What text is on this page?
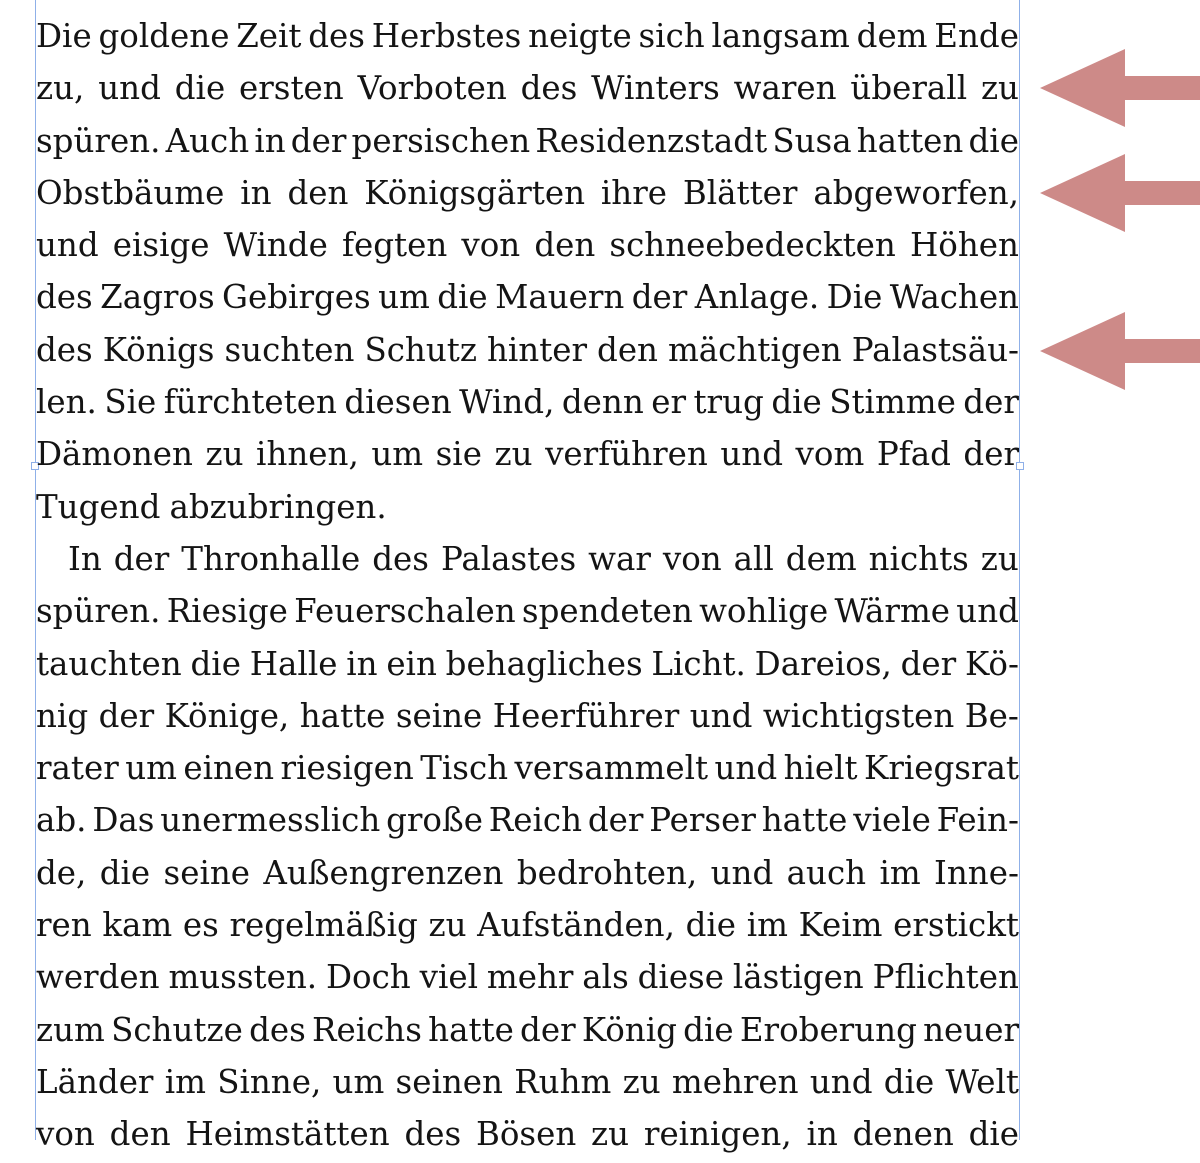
Die goldene Zeit des Herbstes neigte sich langsam dem Ende
zu, und die ersten Vorboten des Winters waren überall zu
spüren. Auch in der persischen Residenzstadt Susa hatten die
Obstbäume in den Königsgärten ihre Blätter abgeworfen,
und eisige Winde fegten von den schneebedeckten Höhen
des Zagros Gebirges um die Mauern der Anlage. Die Wachen
des Königs suchten Schutz hinter den mächtigen Palastsäu-
len. Sie fürchteten diesen Wind, denn er trug die Stimme der
Dämonen zu ihnen, um sie zu verführen und vom Pfad der
Tugend abzubringen.
In der Thronhalle des Palastes war von all dem nichts zu
spüren. Riesige Feuerschalen spendeten wohlige Wärme und
tauchten die Halle in ein behagliches Licht. Dareios, der Kö-
nig der Könige, hatte seine Heerführer und wichtigsten Be-
rater um einen riesigen Tisch versammelt und hielt Kriegsrat
ab. Das unermesslich große Reich der Perser hatte viele Fein-
de, die seine Außengrenzen bedrohten, und auch im Inne-
ren kam es regelmäßig zu Aufständen, die im Keim erstickt
werden mussten. Doch viel mehr als diese lästigen Pflichten
zum Schutze des Reichs hatte der König die Eroberung neuer
Länder im Sinne, um seinen Ruhm zu mehren und die Welt
von den Heimstätten des Bösen zu reinigen, in denen die
